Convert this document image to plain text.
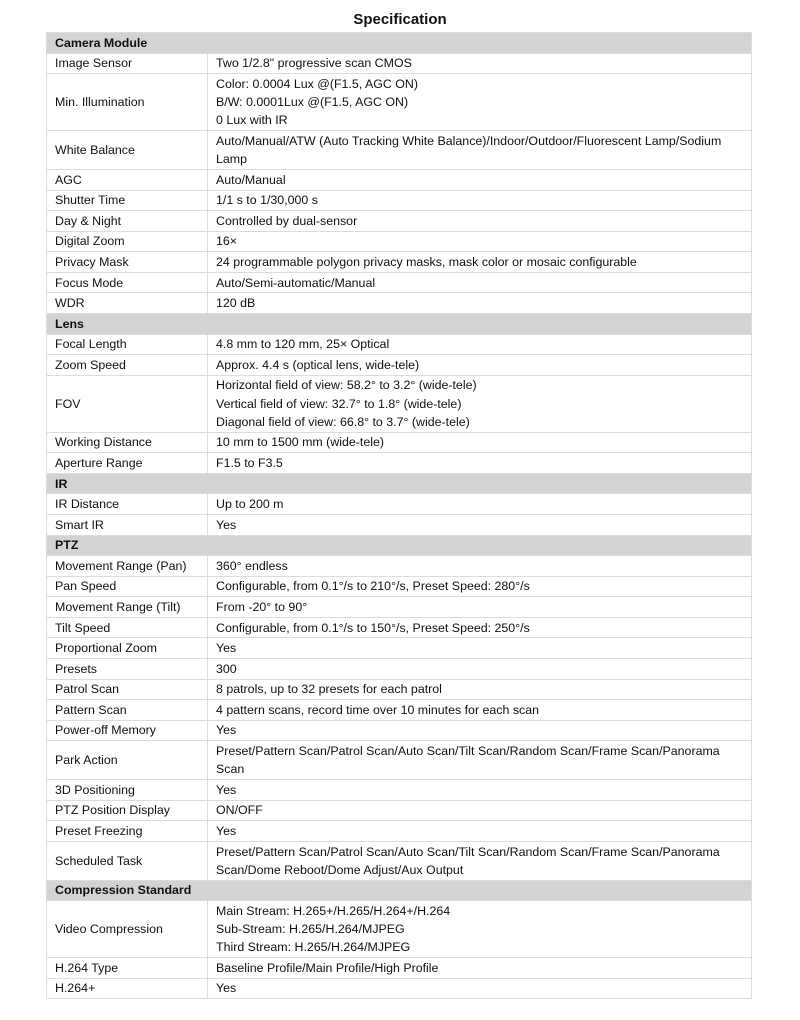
Specification
Camera Module	
Image Sensor	Two 1/2.8" progressive scan CMOS

Min. Illumination	Color: 0.0004 Lux @(F1.5, AGC ON)
B/W: 0.0001Lux @(F1.5, AGC ON)
0 Lux with IR

White Balance	Auto/Manual/ATW (Auto Tracking White Balance)/Indoor/Outdoor/Fluorescent Lamp/Sodium Lamp

AGC	Auto/Manual

Shutter Time	1/1 s to 1/30,000 s

Day & Night	Controlled by dual-sensor

Digital Zoom	16×

Privacy Mask	24 programmable polygon privacy masks, mask color or mosaic configurable

Focus Mode	Auto/Semi-automatic/Manual

WDR	120 dB

Lens	
Focal Length	4.8 mm to 120 mm, 25× Optical

Zoom Speed	Approx. 4.4 s (optical lens, wide-tele)

FOV	Horizontal field of view: 58.2° to 3.2° (wide-tele)
Vertical field of view: 32.7° to 1.8° (wide-tele)
Diagonal field of view: 66.8° to 3.7° (wide-tele)

Working Distance	10 mm to 1500 mm (wide-tele)

Aperture Range	F1.5 to F3.5

IR	
IR Distance	Up to 200 m

Smart IR	Yes

PTZ	
Movement Range (Pan)	360° endless

Pan Speed	Configurable, from 0.1°/s to 210°/s, Preset Speed: 280°/s

Movement Range (Tilt)	From -20° to 90°

Tilt Speed	Configurable, from 0.1°/s to 150°/s, Preset Speed: 250°/s

Proportional Zoom	Yes

Presets	300

Patrol Scan	8 patrols, up to 32 presets for each patrol

Pattern Scan	4 pattern scans, record time over 10 minutes for each scan

Power-off Memory	Yes

Park Action	Preset/Pattern Scan/Patrol Scan/Auto Scan/Tilt Scan/Random Scan/Frame Scan/Panorama Scan

3D Positioning	Yes

PTZ Position Display	ON/OFF

Preset Freezing	Yes

Scheduled Task	Preset/Pattern Scan/Patrol Scan/Auto Scan/Tilt Scan/Random Scan/Frame Scan/Panorama Scan/Dome Reboot/Dome Adjust/Aux Output

Compression Standard	
Video Compression	Main Stream: H.265+/H.265/H.264+/H.264
Sub-Stream: H.265/H.264/MJPEG
Third Stream: H.265/H.264/MJPEG

H.264 Type	Baseline Profile/Main Profile/High Profile

H.264+	Yes
